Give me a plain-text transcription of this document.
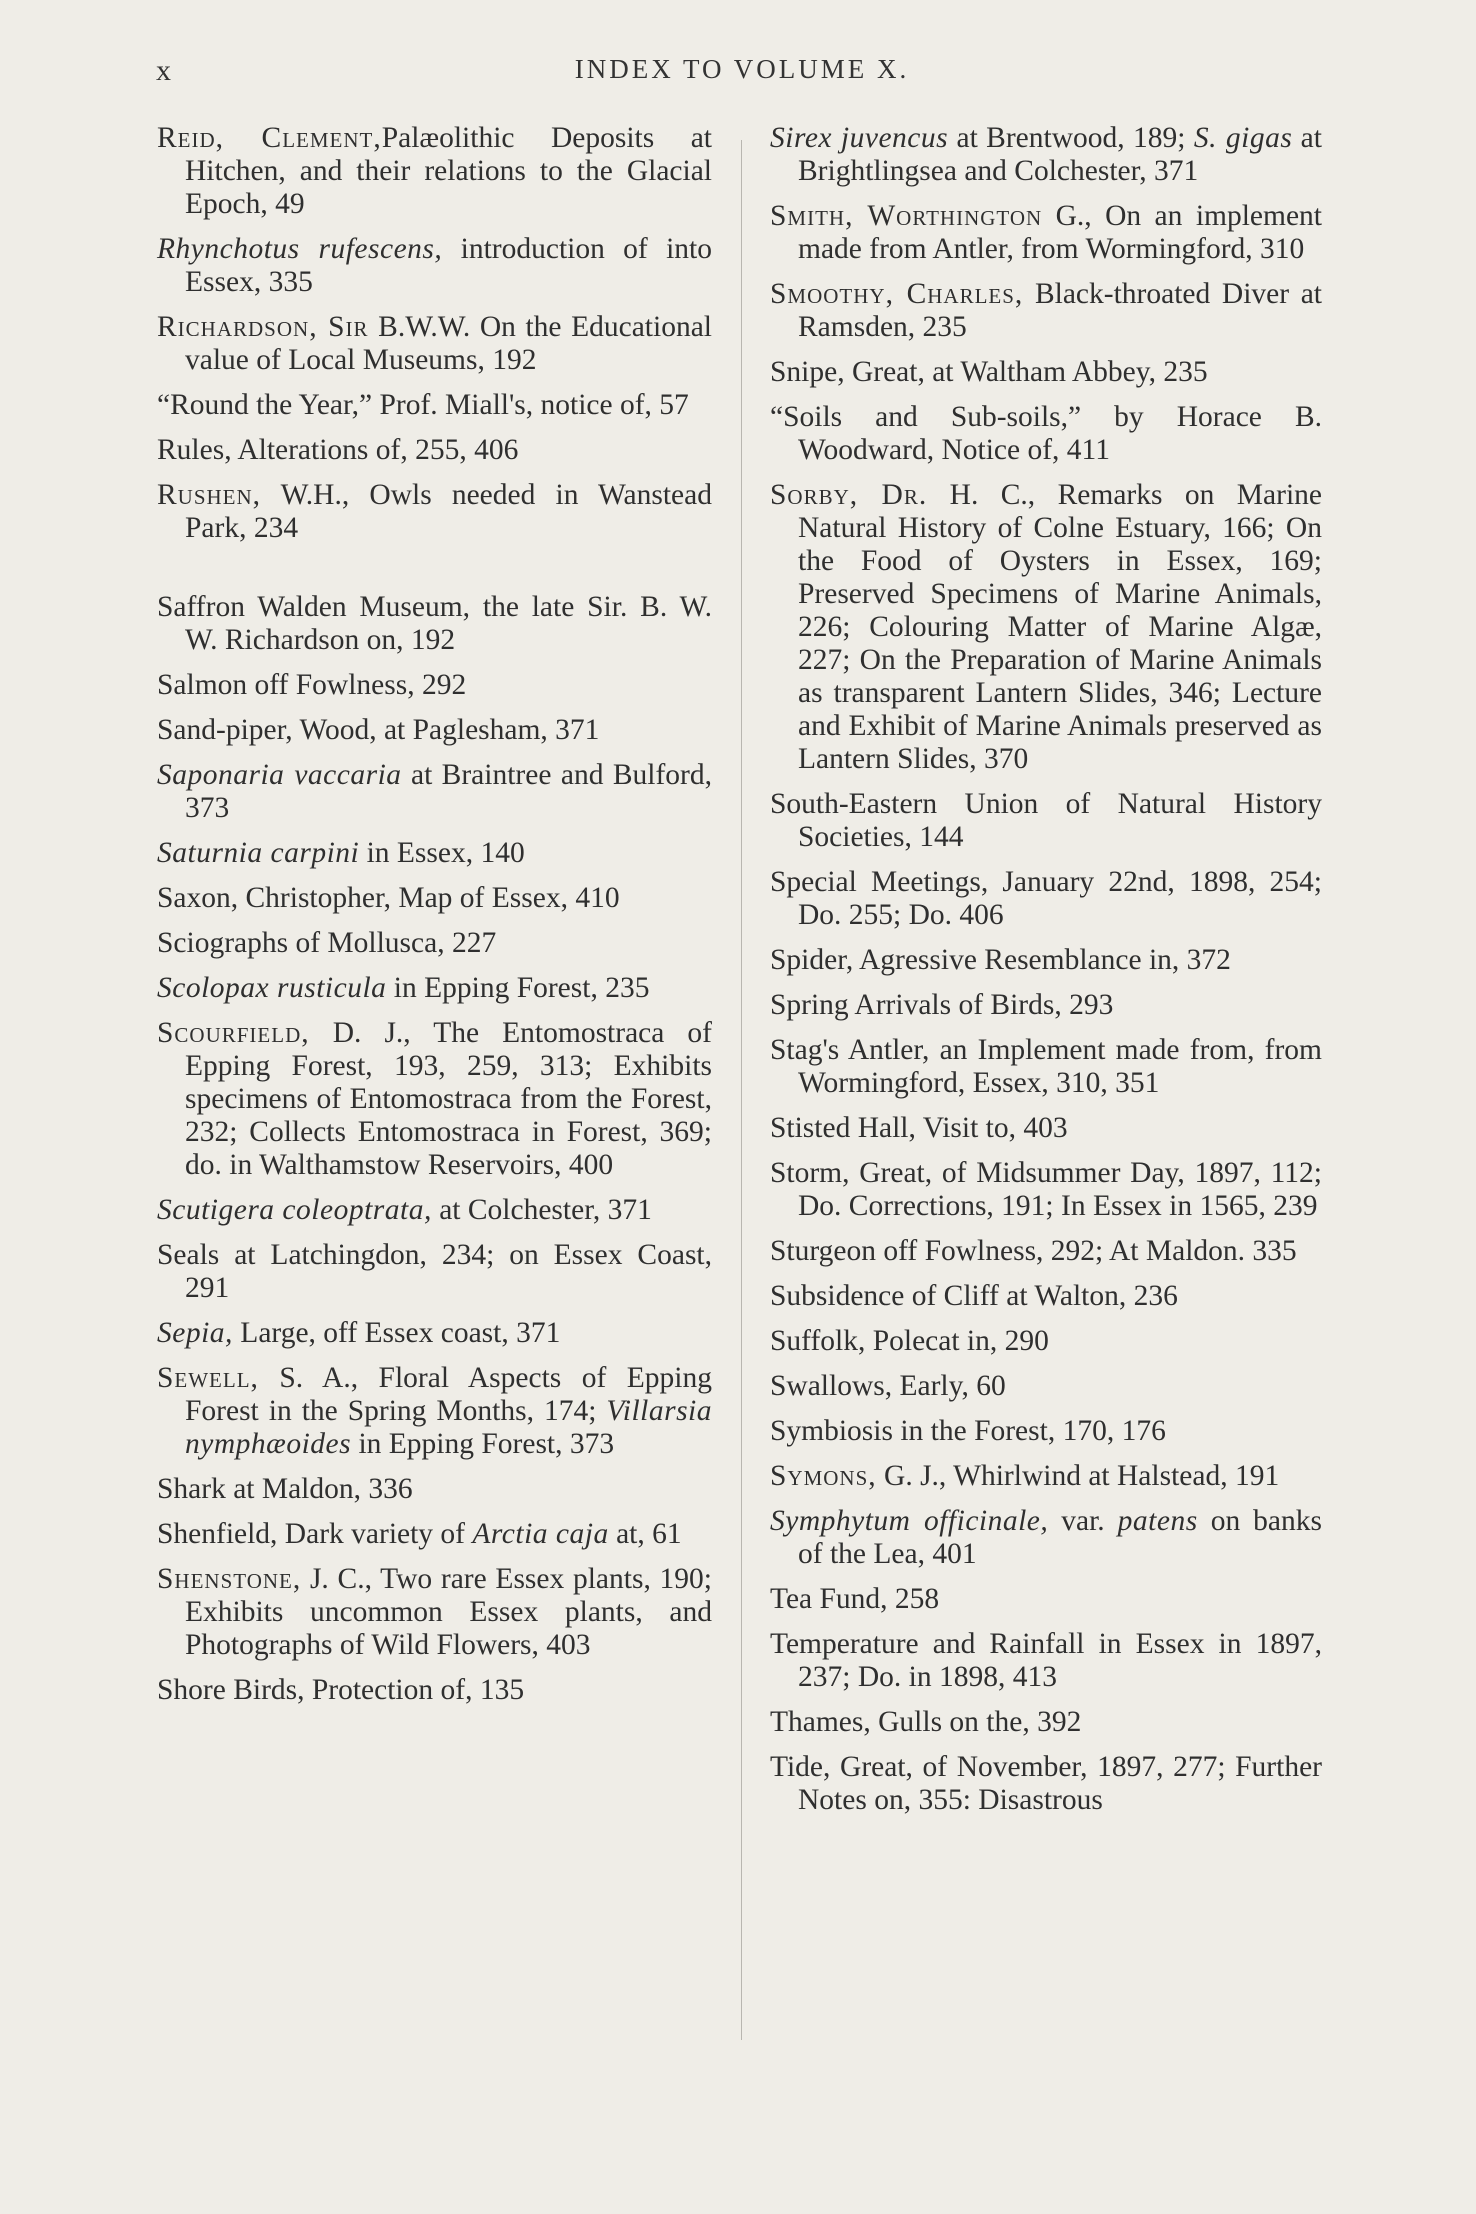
x	INDEX TO VOLUME X.

Reid, Clement,Palæolithic Deposits at Hitchen, and their relations to the Glacial Epoch, 49

Rhynchotus rufescens, introduction of into Essex, 335

Richardson, Sir B.W.W. On the Educational value of Local Museums, 192

“Round the Year,” Prof. Miall's, notice of, 57

Rules, Alterations of, 255, 406

Rushen, W.H., Owls needed in Wanstead Park, 234

Saffron Walden Museum, the late Sir. B. W. W. Richardson on, 192

Salmon off Fowlness, 292

Sand-piper, Wood, at Paglesham, 371

Saponaria vaccaria at Braintree and Bulford, 373

Saturnia carpini in Essex, 140

Saxon, Christopher, Map of Essex, 410

Sciographs of Mollusca, 227

Scolopax rusticula in Epping Forest, 235

Scourfield, D. J., The Entomostraca of Epping Forest, 193, 259, 313; Exhibits specimens of Entomostraca from the Forest, 232; Collects Entomostraca in Forest, 369; do. in Walthamstow Reservoirs, 400

Scutigera coleoptrata, at Colchester, 371

Seals at Latchingdon, 234; on Essex Coast, 291

Sepia, Large, off Essex coast, 371

Sewell, S. A., Floral Aspects of Epping Forest in the Spring Months, 174; Villarsia nymphæoides in Epping Forest, 373

Shark at Maldon, 336

Shenfield, Dark variety of Arctia caja at, 61

Shenstone, J. C., Two rare Essex plants, 190; Exhibits uncommon Essex plants, and Photographs of Wild Flowers, 403

Shore Birds, Protection of, 135

Sirex juvencus at Brentwood, 189; S. gigas at Brightlingsea and Colchester, 371

Smith, Worthington G., On an implement made from Antler, from Wormingford, 310

Smoothy, Charles, Black-throated Diver at Ramsden, 235

Snipe, Great, at Waltham Abbey, 235

“Soils and Sub-soils,” by Horace B. Woodward, Notice of, 411

Sorby, Dr. H. C., Remarks on Marine Natural History of Colne Estuary, 166; On the Food of Oysters in Essex, 169; Preserved Specimens of Marine Animals, 226; Colouring Matter of Marine Algæ, 227; On the Preparation of Marine Animals as transparent Lantern Slides, 346; Lecture and Exhibit of Marine Animals preserved as Lantern Slides, 370

South-Eastern Union of Natural History Societies, 144

Special Meetings, January 22nd, 1898, 254; Do. 255; Do. 406

Spider, Agressive Resemblance in, 372

Spring Arrivals of Birds, 293

Stag's Antler, an Implement made from, from Wormingford, Essex, 310, 351

Stisted Hall, Visit to, 403

Storm, Great, of Midsummer Day, 1897, 112; Do. Corrections, 191; In Essex in 1565, 239

Sturgeon off Fowlness, 292; At Maldon. 335

Subsidence of Cliff at Walton, 236

Suffolk, Polecat in, 290

Swallows, Early, 60

Symbiosis in the Forest, 170, 176

Symons, G. J., Whirlwind at Halstead, 191

Symphytum officinale, var. patens on banks of the Lea, 401

Tea Fund, 258

Temperature and Rainfall in Essex in 1897, 237; Do. in 1898, 413

Thames, Gulls on the, 392

Tide, Great, of November, 1897, 277; Further Notes on, 355: Disastrous
